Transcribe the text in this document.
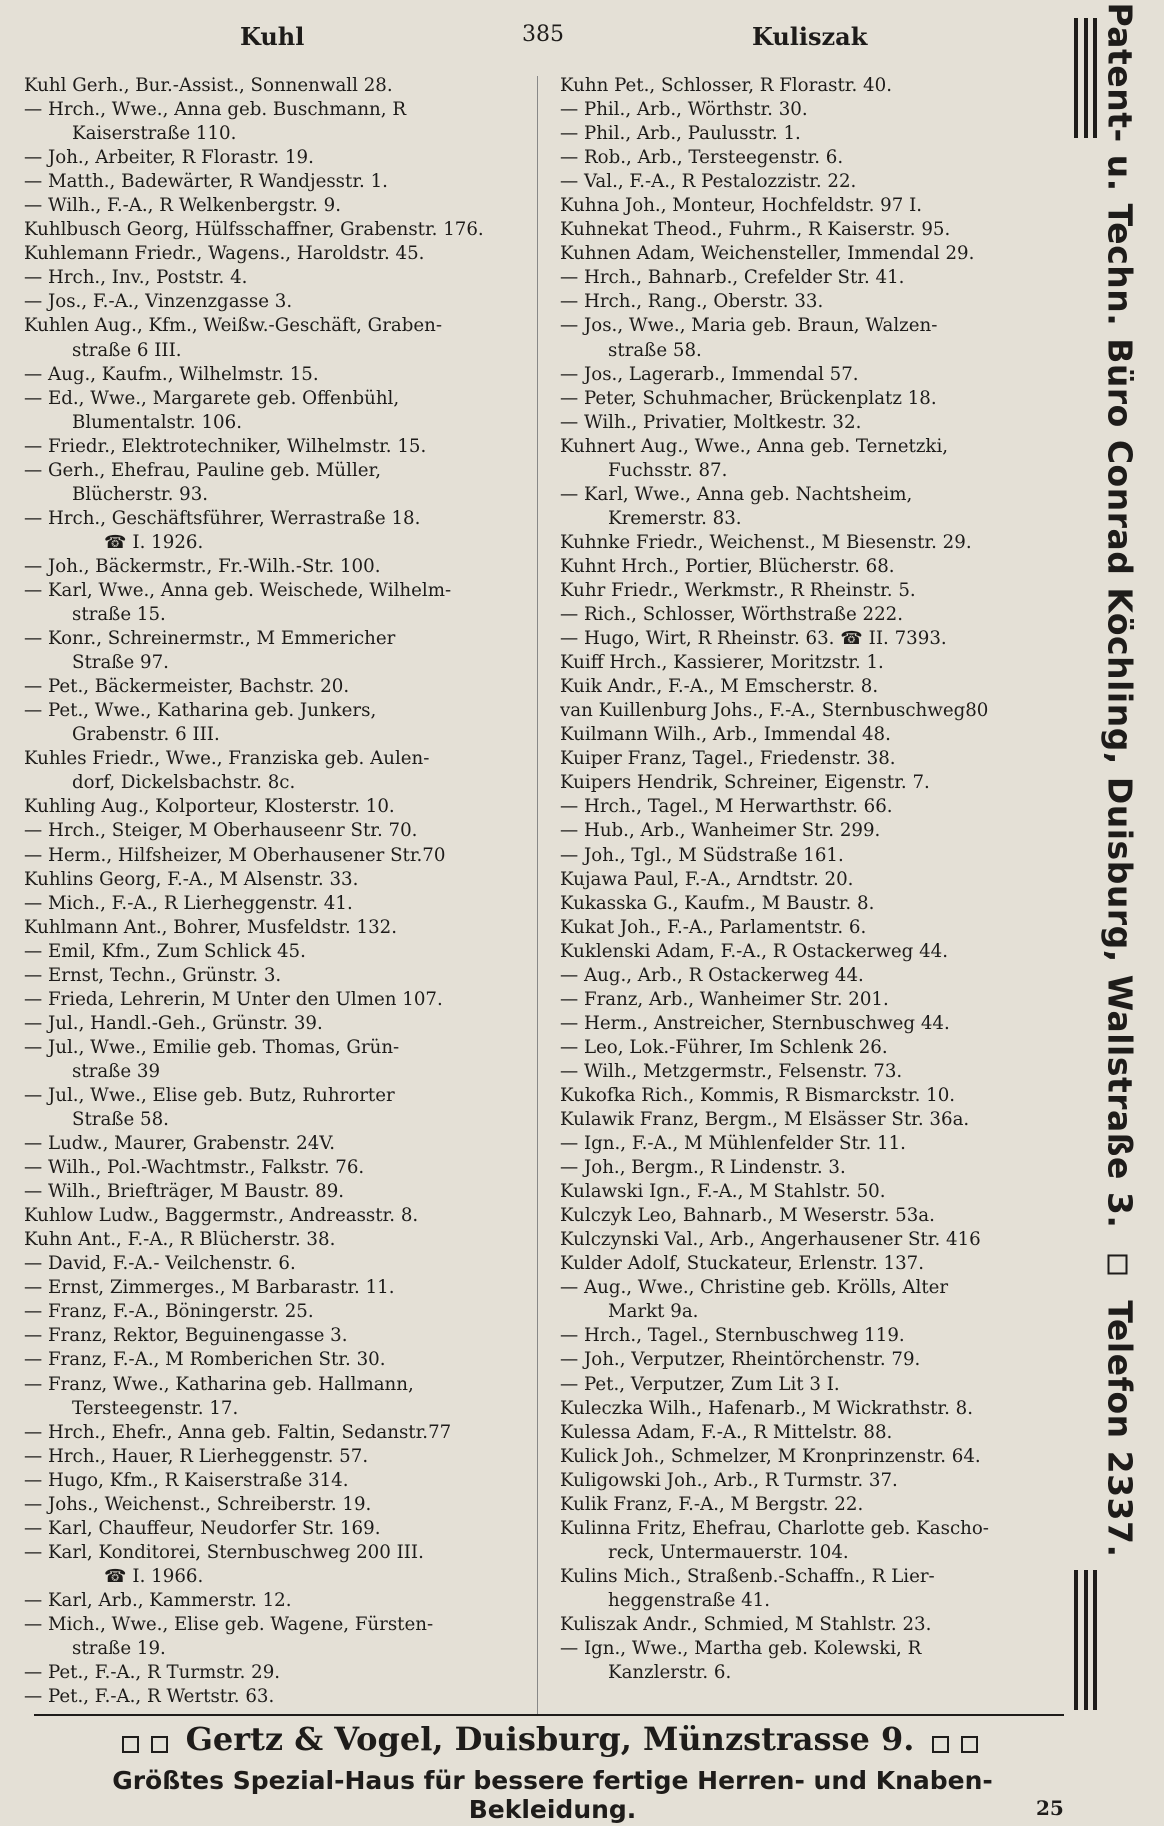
Kuhl	385	Kuliszak
Kuhl Gerh., Bur.-Assist., Sonnenwall 28.
— Hrch., Wwe., Anna geb. Buschmann, R
Kaiserstraße 110.
— Joh., Arbeiter, R Florastr. 19.
— Matth., Badewärter, R Wandjesstr. 1.
— Wilh., F.-A., R Welkenbergstr. 9.
Kuhlbusch Georg, Hülfsschaffner, Grabenstr. 176.
Kuhlemann Friedr., Wagens., Haroldstr. 45.
— Hrch., Inv., Poststr. 4.
— Jos., F.-A., Vinzenzgasse 3.
Kuhlen Aug., Kfm., Weißw.-Geschäft, Graben-
straße 6 III.
— Aug., Kaufm., Wilhelmstr. 15.
— Ed., Wwe., Margarete geb. Offenbühl,
Blumentalstr. 106.
— Friedr., Elektrotechniker, Wilhelmstr. 15.
— Gerh., Ehefrau, Pauline geb. Müller,
Blücherstr. 93.
— Hrch., Geschäftsführer, Werrastraße 18.
☎ I. 1926.
— Joh., Bäckermstr., Fr.-Wilh.-Str. 100.
— Karl, Wwe., Anna geb. Weischede, Wilhelm-
straße 15.
— Konr., Schreinermstr., M Emmericher
Straße 97.
— Pet., Bäckermeister, Bachstr. 20.
— Pet., Wwe., Katharina geb. Junkers,
Grabenstr. 6 III.
Kuhles Friedr., Wwe., Franziska geb. Aulen-
dorf, Dickelsbachstr. 8c.
Kuhling Aug., Kolporteur, Klosterstr. 10.
— Hrch., Steiger, M Oberhauseenr Str. 70.
— Herm., Hilfsheizer, M Oberhausener Str.70
Kuhlins Georg, F.-A., M Alsenstr. 33.
— Mich., F.-A., R Lierheggenstr. 41.
Kuhlmann Ant., Bohrer, Musfeldstr. 132.
— Emil, Kfm., Zum Schlick 45.
— Ernst, Techn., Grünstr. 3.
— Frieda, Lehrerin, M Unter den Ulmen 107.
— Jul., Handl.-Geh., Grünstr. 39.
— Jul., Wwe., Emilie geb. Thomas, Grün-
straße 39
— Jul., Wwe., Elise geb. Butz, Ruhrorter
Straße 58.
— Ludw., Maurer, Grabenstr. 24V.
— Wilh., Pol.-Wachtmstr., Falkstr. 76.
— Wilh., Briefträger, M Baustr. 89.
Kuhlow Ludw., Baggermstr., Andreasstr. 8.
Kuhn Ant., F.-A., R Blücherstr. 38.
— David, F.-A.- Veilchenstr. 6.
— Ernst, Zimmerges., M Barbarastr. 11.
— Franz, F.-A., Böningerstr. 25.
— Franz, Rektor, Beguinengasse 3.
— Franz, F.-A., M Romberichen Str. 30.
— Franz, Wwe., Katharina geb. Hallmann,
Tersteegenstr. 17.
— Hrch., Ehefr., Anna geb. Faltin, Sedanstr.77
— Hrch., Hauer, R Lierheggenstr. 57.
— Hugo, Kfm., R Kaiserstraße 314.
— Johs., Weichenst., Schreiberstr. 19.
— Karl, Chauffeur, Neudorfer Str. 169.
— Karl, Konditorei, Sternbuschweg 200 III.
☎ I. 1966.
— Karl, Arb., Kammerstr. 12.
— Mich., Wwe., Elise geb. Wagene, Fürsten-
straße 19.
— Pet., F.-A., R Turmstr. 29.
— Pet., F.-A., R Wertstr. 63.
Kuhn Pet., Schlosser, R Florastr. 40.
— Phil., Arb., Wörthstr. 30.
— Phil., Arb., Paulusstr. 1.
— Rob., Arb., Tersteegenstr. 6.
— Val., F.-A., R Pestalozzistr. 22.
Kuhna Joh., Monteur, Hochfeldstr. 97 I.
Kuhnekat Theod., Fuhrm., R Kaiserstr. 95.
Kuhnen Adam, Weichensteller, Immendal 29.
— Hrch., Bahnarb., Crefelder Str. 41.
— Hrch., Rang., Oberstr. 33.
— Jos., Wwe., Maria geb. Braun, Walzen-
straße 58.
— Jos., Lagerarb., Immendal 57.
— Peter, Schuhmacher, Brückenplatz 18.
— Wilh., Privatier, Moltkestr. 32.
Kuhnert Aug., Wwe., Anna geb. Ternetzki,
Fuchsstr. 87.
— Karl, Wwe., Anna geb. Nachtsheim,
Kremerstr. 83.
Kuhnke Friedr., Weichenst., M Biesenstr. 29.
Kuhnt Hrch., Portier, Blücherstr. 68.
Kuhr Friedr., Werkmstr., R Rheinstr. 5.
— Rich., Schlosser, Wörthstraße 222.
— Hugo, Wirt, R Rheinstr. 63. ☎ II. 7393.
Kuiff Hrch., Kassierer, Moritzstr. 1.
Kuik Andr., F.-A., M Emscherstr. 8.
van Kuillenburg Johs., F.-A., Sternbuschweg80
Kuilmann Wilh., Arb., Immendal 48.
Kuiper Franz, Tagel., Friedenstr. 38.
Kuipers Hendrik, Schreiner, Eigenstr. 7.
— Hrch., Tagel., M Herwarthstr. 66.
— Hub., Arb., Wanheimer Str. 299.
— Joh., Tgl., M Südstraße 161.
Kujawa Paul, F.-A., Arndtstr. 20.
Kukasska G., Kaufm., M Baustr. 8.
Kukat Joh., F.-A., Parlamentstr. 6.
Kuklenski Adam, F.-A., R Ostackerweg 44.
— Aug., Arb., R Ostackerweg 44.
— Franz, Arb., Wanheimer Str. 201.
— Herm., Anstreicher, Sternbuschweg 44.
— Leo, Lok.-Führer, Im Schlenk 26.
— Wilh., Metzgermstr., Felsenstr. 73.
Kukofka Rich., Kommis, R Bismarckstr. 10.
Kulawik Franz, Bergm., M Elsässer Str. 36a.
— Ign., F.-A., M Mühlenfelder Str. 11.
— Joh., Bergm., R Lindenstr. 3.
Kulawski Ign., F.-A., M Stahlstr. 50.
Kulczyk Leo, Bahnarb., M Weserstr. 53a.
Kulczynski Val., Arb., Angerhausener Str. 416
Kulder Adolf, Stuckateur, Erlenstr. 137.
— Aug., Wwe., Christine geb. Krölls, Alter
Markt 9a.
— Hrch., Tagel., Sternbuschweg 119.
— Joh., Verputzer, Rheintörchenstr. 79.
— Pet., Verputzer, Zum Lit 3 I.
Kuleczka Wilh., Hafenarb., M Wickrathstr. 8.
Kulessa Adam, F.-A., R Mittelstr. 88.
Kulick Joh., Schmelzer, M Kronprinzenstr. 64.
Kuligowski Joh., Arb., R Turmstr. 37.
Kulik Franz, F.-A., M Bergstr. 22.
Kulinna Fritz, Ehefrau, Charlotte geb. Kascho-
reck, Untermauerstr. 104.
Kulins Mich., Straßenb.-Schaffn., R Lier-
heggenstraße 41.
Kuliszak Andr., Schmied, M Stahlstr. 23.
— Ign., Wwe., Martha geb. Kolewski, R
Kanzlerstr. 6.
Patent- u. Techn. Büro Conrad Köchling, Duisburg, Wallstraße 3.  Telefon 2337.
Gertz & Vogel, Duisburg, Münzstrasse 9.
Größtes Spezial-Haus für bessere fertige Herren- und Knaben-Bekleidung.	25
